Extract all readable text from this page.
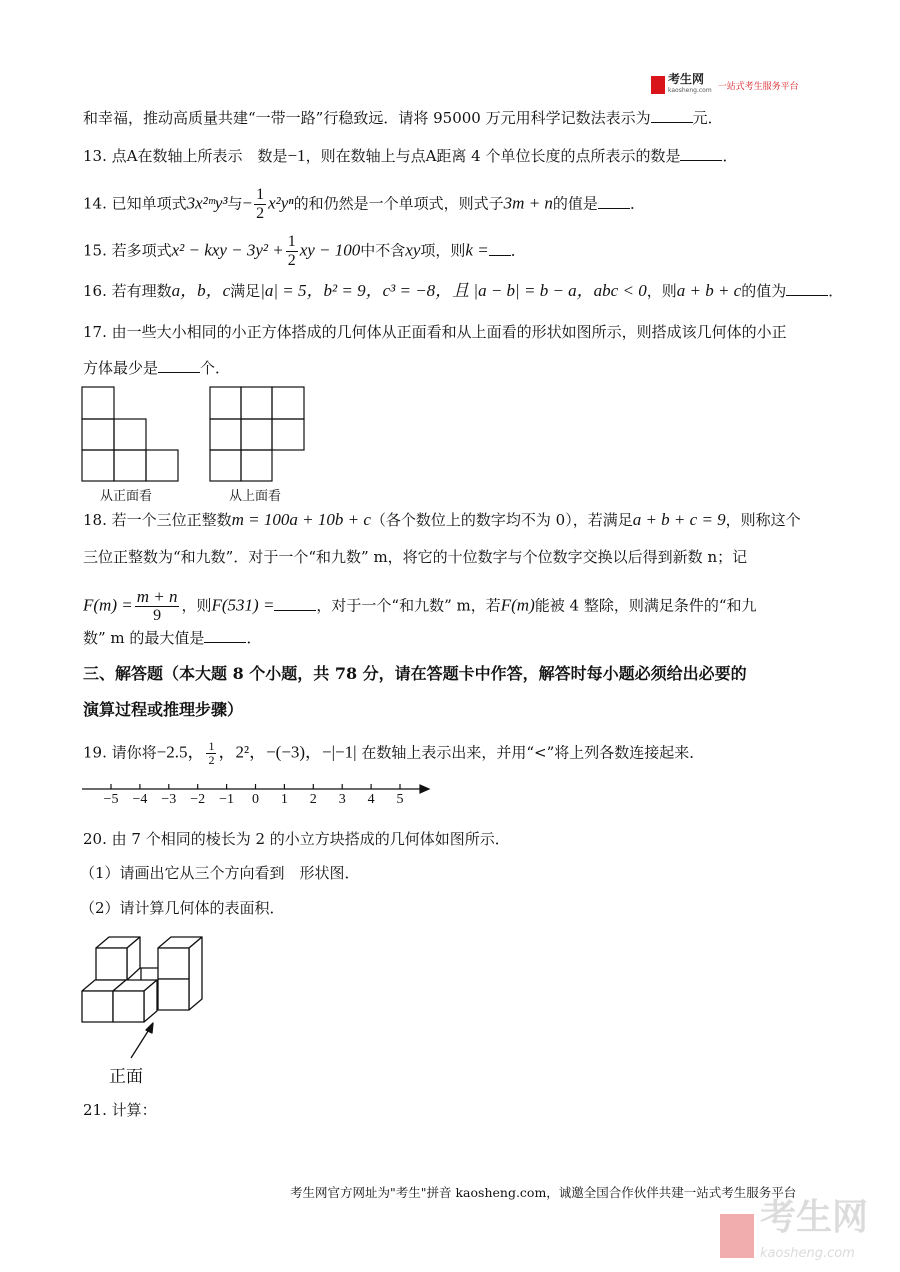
考生网
kaosheng.com 一站式考生服务平台
和幸福，推动高质量共建“一带一路”行稳致远．请将 95000 万元用科学记数法表示为	元．
13. 点A在数轴上所表示　数是−1，则在数轴上与点A距离 4 个单位长度的点所表示的数是	．
14. 已知单项式3x²ᵐy³与− $\frac{1}{2} x^2y^n$的和仍然是一个单项式，则式子3m + n的值是 ．
15. 若多项式x² − kxy − $3y^2 + \frac{1}{2}$ xy − 100中不含xy项，则k = ．
16. 若有理数a，b，c满足|a| = 5，b² = 9，c³ = −8，且 |a − b| = b − a，abc < 0，则a + b + c的值为	．
17. 由一些大小相同的小正方体搭成的几何体从正面看和从上面看的形状如图所示，则搭成该几何体的小正
方体最少是	个．
从正面看	从上面看
18. 若一个三位正整数m = 100a + 10b + c（各个数位上的数字均不为 0），若满足a + b + c = 9，则称这个
三位正整数为“和九数”．对于一个“和九数” m，将它的十位数字与个位数字交换以后得到新数 n；记
$F(m) = \frac{m + n}{9}$ ，则F(531) =	，对于一个“和九数” m，若F(m)能被 4 整除，则满足条件的“和九
数” m 的最大值是	．
三、解答题（本大题 8 个小题，共 78 分，请在答题卡中作答，解答时每小题必须给出必要的
演算过程或推理步骤）
19. 请你将−2.5， $\frac{1}{2}$ ，2²，−(−3)，−|−1| 在数轴上表示出来，并用“<”将上列各数连接起来．
−5 −4 −3 −2 −1	0	1	2	3	4	5
20. 由 7 个相同的棱长为 2 的小立方块搭成的几何体如图所示．
（1）请画出它从三个方向看到　形状图．
（2）请计算几何体的表面积．
正面
21. 计算：
考生网官方网址为"考生"拼音 kaosheng.com，诚邀全国合作伙伴共建一站式考生服务平台
考生网
kaosheng.com
